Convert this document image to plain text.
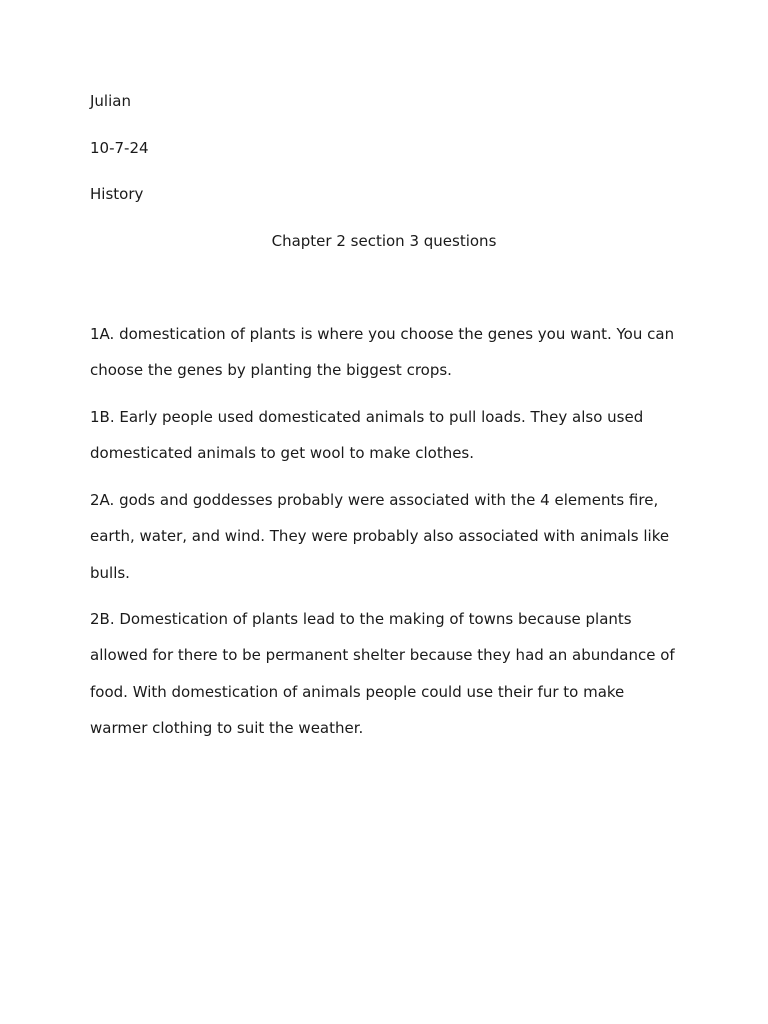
Julian
10-7-24
History
Chapter 2 section 3 questions
1A. domestication of plants is where you choose the genes you want. You can
choose the genes by planting the biggest crops.
1B. Early people used domesticated animals to pull loads. They also used
domesticated animals to get wool to make clothes.
2A. gods and goddesses probably were associated with the 4 elements fire,
earth, water, and wind. They were probably also associated with animals like
bulls.
2B. Domestication of plants lead to the making of towns because plants
allowed for there to be permanent shelter because they had an abundance of
food. With domestication of animals people could use their fur to make
warmer clothing to suit the weather.
